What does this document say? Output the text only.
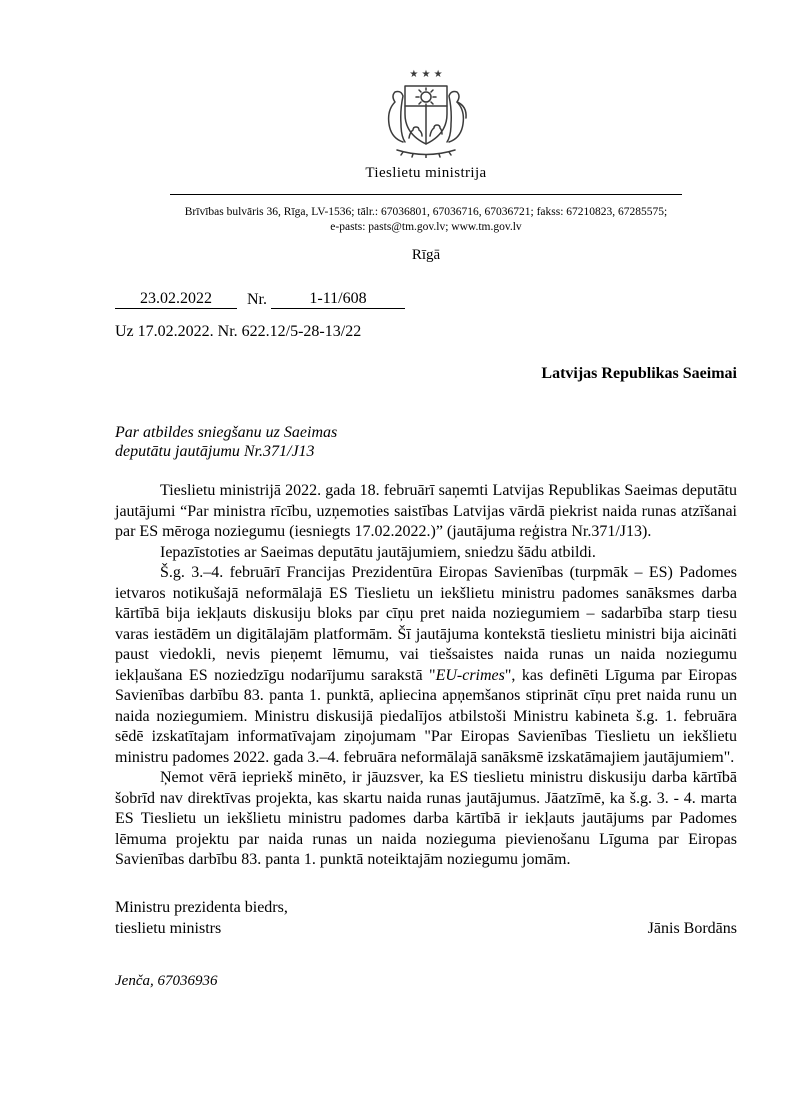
★ ★ ★
Tieslietu ministrija
Brīvības bulvāris 36, Rīga, LV-1536; tālr.: 67036801, 67036716, 67036721; fakss: 67210823, 67285575;
e-pasts: pasts@tm.gov.lv; www.tm.gov.lv
Rīgā
23.02.2022	Nr.	1-11/608
Uz 17.02.2022. Nr. 622.12/5-28-13/22
Latvijas Republikas Saeimai
Par atbildes sniegšanu uz Saeimas
deputātu jautājumu Nr.371/J13

Tieslietu ministrijā 2022. gada 18. februārī saņemti Latvijas Republikas Saeimas deputātu jautājumi “Par ministra rīcību, uzņemoties saistības Latvijas vārdā piekrist naida runas atzīšanai par ES mēroga noziegumu (iesniegts 17.02.2022.)” (jautājuma reģistra Nr.371/J13).

Iepazīstoties ar Saeimas deputātu jautājumiem, sniedzu šādu atbildi.

Š.g. 3.–4. februārī Francijas Prezidentūra Eiropas Savienības (turpmāk – ES) Padomes ietvaros notikušajā neformālajā ES Tieslietu un iekšlietu ministru padomes sanāksmes darba kārtībā bija iekļauts diskusiju bloks par cīņu pret naida noziegumiem – sadarbība starp tiesu varas iestādēm un digitālajām platformām. Šī jautājuma kontekstā tieslietu ministri bija aicināti paust viedokli, nevis pieņemt lēmumu, vai tiešsaistes naida runas un naida noziegumu iekļaušana ES noziedzīgu nodarījumu sarakstā "EU-crimes", kas definēti Līguma par Eiropas Savienības darbību 83. panta 1. punktā, apliecina apņemšanos stiprināt cīņu pret naida runu un naida noziegumiem. Ministru diskusijā piedalījos atbilstoši Ministru kabineta š.g. 1. februāra sēdē izskatītajam informatīvajam ziņojumam "Par Eiropas Savienības Tieslietu un iekšlietu ministru padomes 2022. gada 3.–4. februāra neformālajā sanāksmē izskatāmajiem jautājumiem".

Ņemot vērā iepriekš minēto, ir jāuzsver, ka ES tieslietu ministru diskusiju darba kārtībā šobrīd nav direktīvas projekta, kas skartu naida runas jautājumus. Jāatzīmē, ka š.g. 3. - 4. marta ES Tieslietu un iekšlietu ministru padomes darba kārtībā ir iekļauts jautājums par Padomes lēmuma projektu par naida runas un naida nozieguma pievienošanu Līguma par Eiropas Savienības darbību 83. panta 1. punktā noteiktajām noziegumu jomām.

Ministru prezidenta biedrs,
tieslietu ministrs	Jānis Bordāns
Jenča, 67036936
